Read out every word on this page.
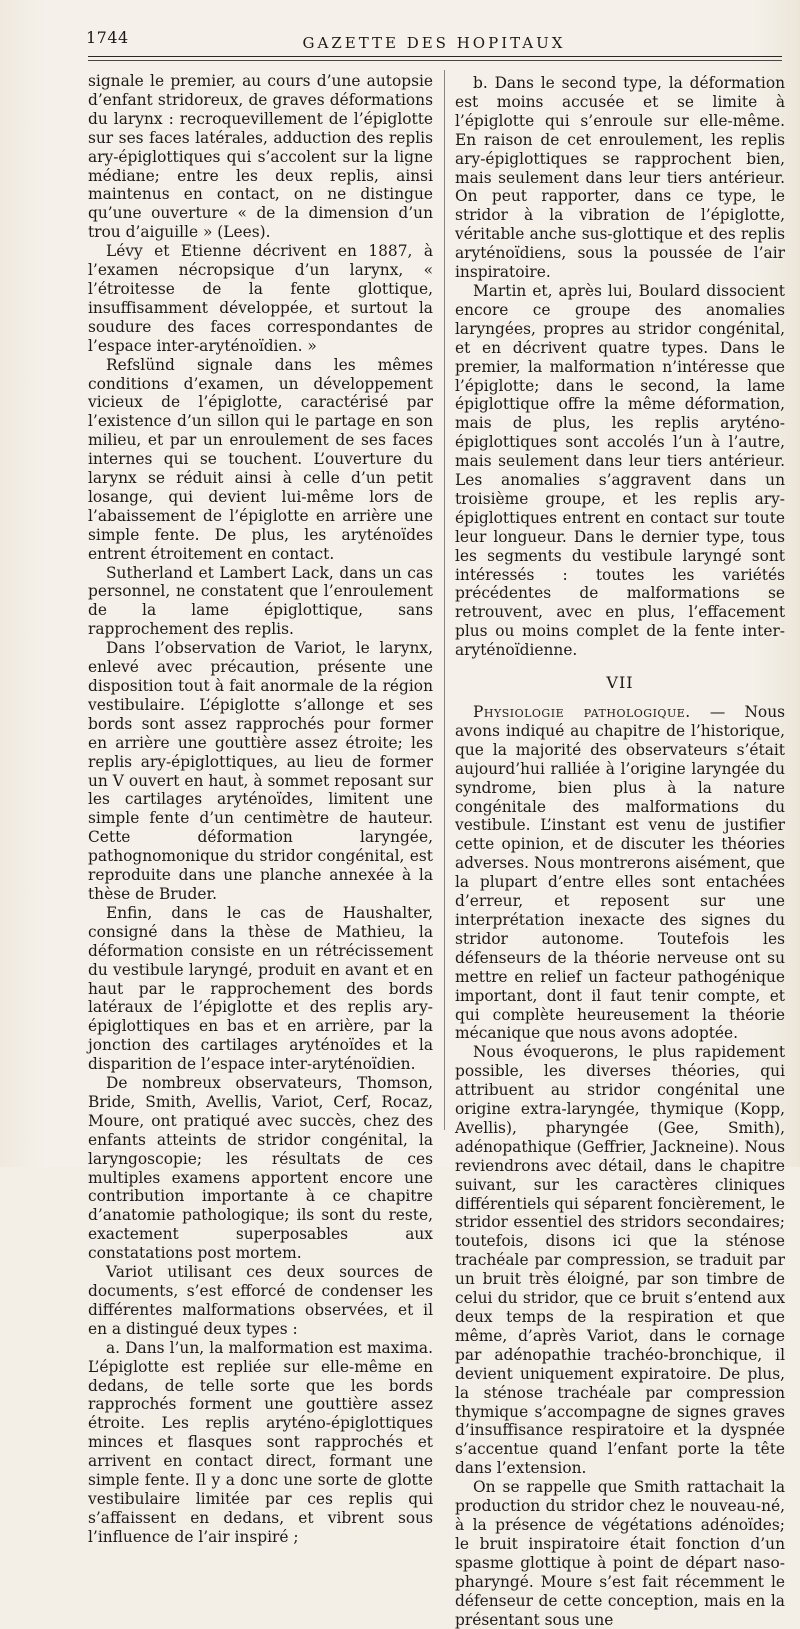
1744	GAZETTE DES HOPITAUX

signale le premier, au cours d’une autopsie d’enfant stridoreux, de graves déformations du larynx : recroquevillement de l’épiglotte sur ses faces latérales, adduction des replis ary-épiglottiques qui s’accolent sur la ligne médiane; entre les deux replis, ainsi maintenus en contact, on ne distingue qu’une ouverture « de la dimension d’un trou d’aiguille » (Lees).

Lévy et Etienne décrivent en 1887, à l’examen nécropsique d’un larynx, « l’étroitesse de la fente glottique, insuffisamment développée, et surtout la soudure des faces correspondantes de l’espace inter-aryténoïdien. »

Refslünd signale dans les mêmes conditions d’examen, un développement vicieux de l’épiglotte, caractérisé par l’existence d’un sillon qui le partage en son milieu, et par un enroulement de ses faces internes qui se touchent. L’ouverture du larynx se réduit ainsi à celle d’un petit losange, qui devient lui-même lors de l’abaissement de l’épiglotte en arrière une simple fente. De plus, les aryténoïdes entrent étroitement en contact.

Sutherland et Lambert Lack, dans un cas personnel, ne constatent que l’enroulement de la lame épiglottique, sans rapprochement des replis.

Dans l’observation de Variot, le larynx, enlevé avec précaution, présente une disposition tout à fait anormale de la région vestibulaire. L’épiglotte s’allonge et ses bords sont assez rapprochés pour former en arrière une gouttière assez étroite; les replis ary-épiglottiques, au lieu de former un V ouvert en haut, à sommet reposant sur les cartilages aryténoïdes, limitent une simple fente d’un centimètre de hauteur. Cette déformation laryngée, pathognomonique du stridor congénital, est reproduite dans une planche annexée à la thèse de Bruder.

Enfin, dans le cas de Haushalter, consigné dans la thèse de Mathieu, la déformation consiste en un rétrécissement du vestibule laryngé, produit en avant et en haut par le rapprochement des bords latéraux de l’épiglotte et des replis ary-épiglottiques en bas et en arrière, par la jonction des cartilages aryténoïdes et la disparition de l’espace inter-aryténoïdien.

De nombreux observateurs, Thomson, Bride, Smith, Avellis, Variot, Cerf, Rocaz, Moure, ont pratiqué avec succès, chez des enfants atteints de stridor congénital, la laryngoscopie; les résultats de ces multiples examens apportent encore une contribution importante à ce chapitre d’anatomie pathologique; ils sont du reste, exactement superposables aux constatations post mortem.

Variot utilisant ces deux sources de documents, s’est efforcé de condenser les différentes malformations observées, et il en a distingué deux types :

a. Dans l’un, la malformation est maxima. L’épiglotte est repliée sur elle-même en dedans, de telle sorte que les bords rapprochés forment une gouttière assez étroite. Les replis aryténo-épiglottiques minces et flasques sont rapprochés et arrivent en contact direct, formant une simple fente. Il y a donc une sorte de glotte vestibulaire limitée par ces replis qui s’affaissent en dedans, et vibrent sous l’influence de l’air inspiré ;

b. Dans le second type, la déformation est moins accusée et se limite à l’épiglotte qui s’enroule sur elle-même. En raison de cet enroulement, les replis ary-épiglottiques se rapprochent bien, mais seulement dans leur tiers antérieur. On peut rapporter, dans ce type, le stridor à la vibration de l’épiglotte, véritable anche sus-glottique et des replis aryténoïdiens, sous la poussée de l’air inspiratoire.

Martin et, après lui, Boulard dissocient encore ce groupe des anomalies laryngées, propres au stridor congénital, et en décrivent quatre types. Dans le premier, la malformation n’intéresse que l’épiglotte; dans le second, la lame épiglottique offre la même déformation, mais de plus, les replis aryténo-épiglottiques sont accolés l’un à l’autre, mais seulement dans leur tiers antérieur. Les anomalies s’aggravent dans un troisième groupe, et les replis ary-épiglottiques entrent en contact sur toute leur longueur. Dans le dernier type, tous les segments du vestibule laryngé sont intéressés : toutes les variétés précédentes de malformations se retrouvent, avec en plus, l’effacement plus ou moins complet de la fente inter-aryténoïdienne.

VII

Physiologie pathologique. — Nous avons indiqué au chapitre de l’historique, que la majorité des observateurs s’était aujourd’hui ralliée à l’origine laryngée du syndrome, bien plus à la nature congénitale des malformations du vestibule. L’instant est venu de justifier cette opinion, et de discuter les théories adverses. Nous montrerons aisément, que la plupart d’entre elles sont entachées d’erreur, et reposent sur une interprétation inexacte des signes du stridor autonome. Toutefois les défenseurs de la théorie nerveuse ont su mettre en relief un facteur pathogénique important, dont il faut tenir compte, et qui complète heureusement la théorie mécanique que nous avons adoptée.

Nous évoquerons, le plus rapidement possible, les diverses théories, qui attribuent au stridor congénital une origine extra-laryngée, thymique (Kopp, Avellis), pharyngée (Gee, Smith), adénopathique (Geffrier, Jackneine). Nous reviendrons avec détail, dans le chapitre suivant, sur les caractères cliniques différentiels qui séparent foncièrement, le stridor essentiel des stridors secondaires; toutefois, disons ici que la sténose trachéale par compression, se traduit par un bruit très éloigné, par son timbre de celui du stridor, que ce bruit s’entend aux deux temps de la respiration et que même, d’après Variot, dans le cornage par adénopathie trachéo-bronchique, il devient uniquement expiratoire. De plus, la sténose trachéale par compression thymique s’accompagne de signes graves d’insuffisance respiratoire et la dyspnée s’accentue quand l’enfant porte la tête dans l’extension.

On se rappelle que Smith rattachait la production du stridor chez le nouveau-né, à la présence de végétations adénoïdes; le bruit inspiratoire était fonction d’un spasme glottique à point de départ naso-pharyngé. Moure s’est fait récemment le défenseur de cette conception, mais en la présentant sous une
